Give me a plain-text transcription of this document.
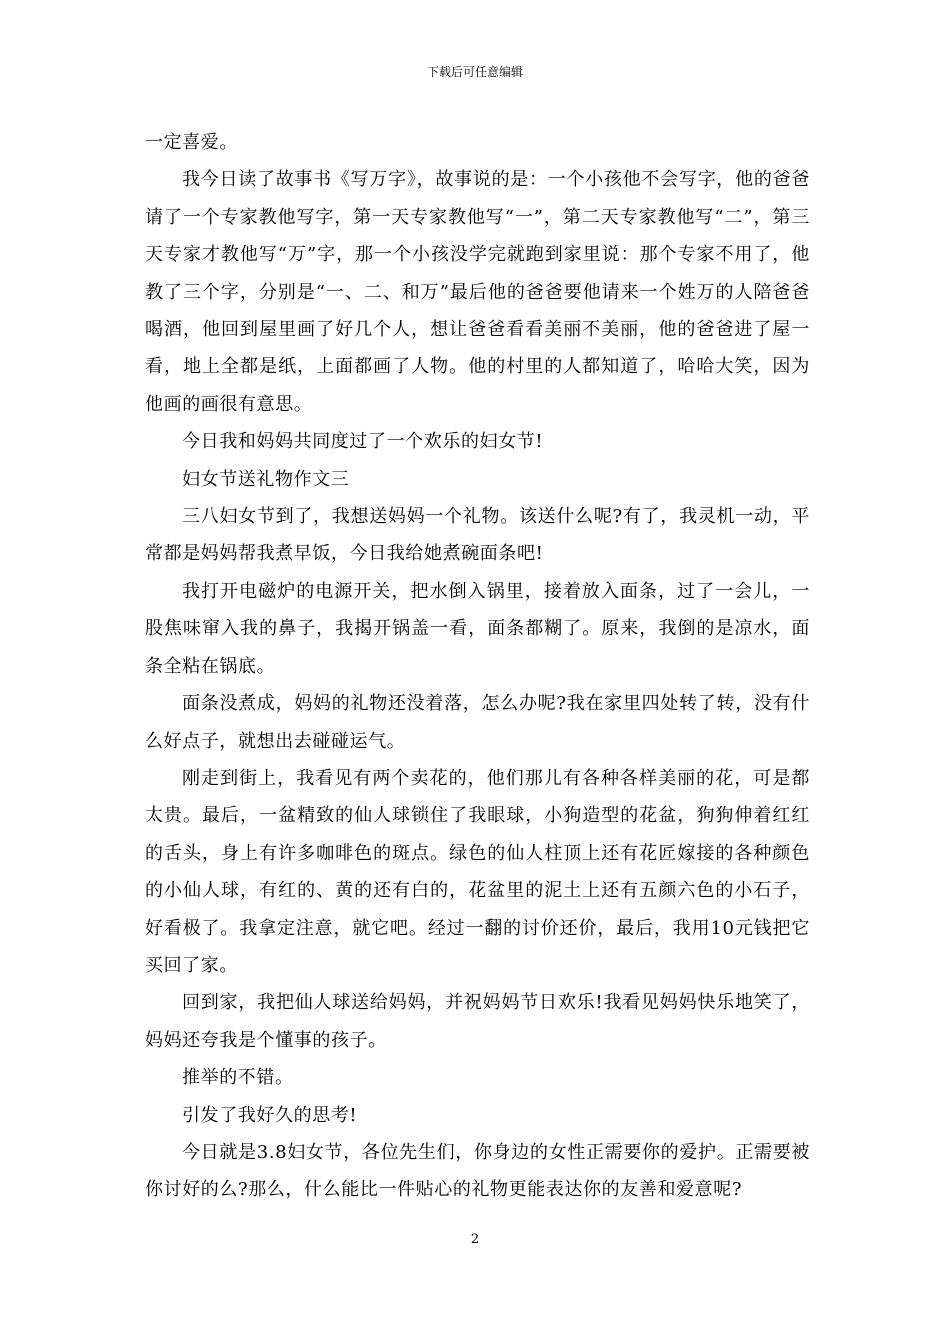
下载后可任意编辑

一定喜爱。

我今日读了故事书《写万字》，故事说的是：一个小孩他不会写字，他的爸爸请了一个专家教他写字，第一天专家教他写“一”，第二天专家教他写“二”，第三天专家才教他写“万”字，那一个小孩没学完就跑到家里说：那个专家不用了，他教了三个字，分别是“一、二、和万”最后他的爸爸要他请来一个姓万的人陪爸爸喝酒，他回到屋里画了好几个人，想让爸爸看看美丽不美丽，他的爸爸进了屋一看，地上全都是纸，上面都画了人物。他的村里的人都知道了，哈哈大笑，因为他画的画很有意思。

今日我和妈妈共同度过了一个欢乐的妇女节!

妇女节送礼物作文三

三八妇女节到了，我想送妈妈一个礼物。该送什么呢?有了，我灵机一动，平常都是妈妈帮我煮早饭，今日我给她煮碗面条吧!

我打开电磁炉的电源开关，把水倒入锅里，接着放入面条，过了一会儿，一股焦味窜入我的鼻子，我揭开锅盖一看，面条都糊了。原来，我倒的是凉水，面条全粘在锅底。

面条没煮成，妈妈的礼物还没着落，怎么办呢?我在家里四处转了转，没有什么好点子，就想出去碰碰运气。

刚走到街上，我看见有两个卖花的，他们那儿有各种各样美丽的花，可是都太贵。最后，一盆精致的仙人球锁住了我眼球，小狗造型的花盆，狗狗伸着红红的舌头，身上有许多咖啡色的斑点。绿色的仙人柱顶上还有花匠嫁接的各种颜色的小仙人球，有红的、黄的还有白的，花盆里的泥土上还有五颜六色的小石子，好看极了。我拿定注意，就它吧。经过一翻的讨价还价，最后，我用10元钱把它买回了家。

回到家，我把仙人球送给妈妈，并祝妈妈节日欢乐!我看见妈妈快乐地笑了，妈妈还夸我是个懂事的孩子。

推举的不错。

引发了我好久的思考!

今日就是3.8妇女节，各位先生们，你身边的女性正需要你的爱护。正需要被你讨好的么?那么，什么能比一件贴心的礼物更能表达你的友善和爱意呢?

2
